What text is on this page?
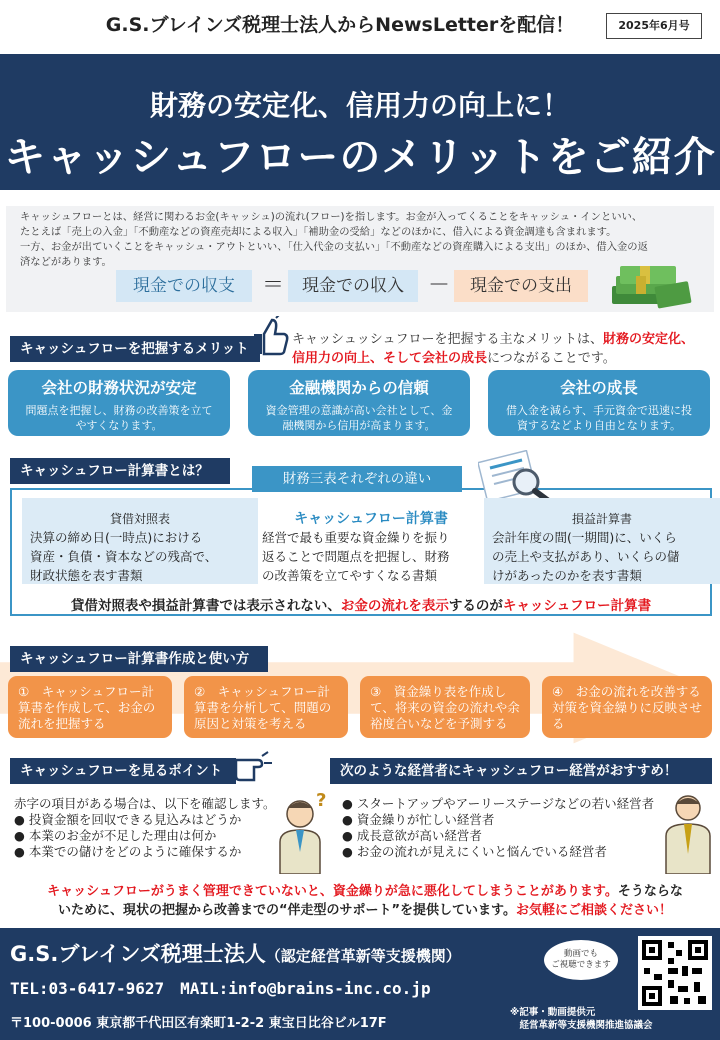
G.S.ブレインズ税理士法人からNewsLetterを配信！	2025年6月号
財務の安定化、信用力の向上に！
キャッシュフローのメリットをご紹介
キャッシュフローとは、経営に関わるお金(キャッシュ)の流れ(フロー)を指します。お金が入ってくることをキャッシュ・インといい、
たとえば「売上の入金」「不動産などの資産売却による収入」「補助金の受給」などのほかに、借入による資金調達も含まれます。
一方、お金が出ていくことをキャッシュ・アウトといい、「仕入代金の支払い」「不動産などの資産購入による支出」のほか、借入金の返
済などがあります。
現金での収支	＝	現金での収入	－	現金での支出
キャッシュフローを把握するメリット
キャッシュッシュフローを把握する主なメリットは、財務の安定化、
信用力の向上、そして会社の成長につながることです。
会社の財務状況が安定
問題点を把握し、財務の改善策を立てやすくなります。
金融機関からの信頼
資金管理の意識が高い会社として、金融機関から信用が高まります。
会社の成長
借入金を減らす、手元資金で迅速に投資するなどより自由となります。
キャッシュフロー計算書とは？	財務三表それぞれの違い
貸借対照表
決算の締め日(一時点)における
資産・負債・資本などの残高で、
財政状態を表す書類
キャッシュフロー計算書
経営で最も重要な資金繰りを振り
返ることで問題点を把握し、財務
の改善策を立てやすくなる書類
損益計算書
会計年度の間(一期間)に、いくら
の売上や支払があり、いくらの儲
けがあったのかを表す書類
貸借対照表や損益計算書では表示されない、お金の流れを表示するのがキャッシュフロー計算書
キャッシュフロー計算書作成と使い方
①　キャッシュフロー計算書を作成して、お金の流れを把握する
②　キャッシュフロー計算書を分析して、問題の原因と対策を考える
③　資金繰り表を作成して、将来の資金の流れや余裕度合いなどを予測する
④　お金の流れを改善する対策を資金繰りに反映させる
キャッシュフローを見るポイント
赤字の項目がある場合は、以下を確認します。
● 投資金額を回収できる見込みはどうか
● 本業のお金が不足した理由は何か
● 本業での儲けをどのように確保するか
?
次のような経営者にキャッシュフロー経営がおすすめ！
● スタートアップやアーリーステージなどの若い経営者
● 資金繰りが忙しい経営者
● 成長意欲が高い経営者
● お金の流れが見えにくいと悩んでいる経営者
キャッシュフローがうまく管理できていないと、資金繰りが急に悪化してしまうことがあります。そうならな
いために、現状の把握から改善までの“伴走型のサポート”を提供しています。お気軽にご相談ください！
G.S.ブレインズ税理士法人（認定経営革新等支援機関）
TEL:03-6417-9627　MAIL:info@brains-inc.co.jp
〒100-0006 東京都千代田区有楽町1-2-2 東宝日比谷ビル17F
動画でも
ご視聴できます
※記事・動画提供元
　経営革新等支援機関推進協議会
